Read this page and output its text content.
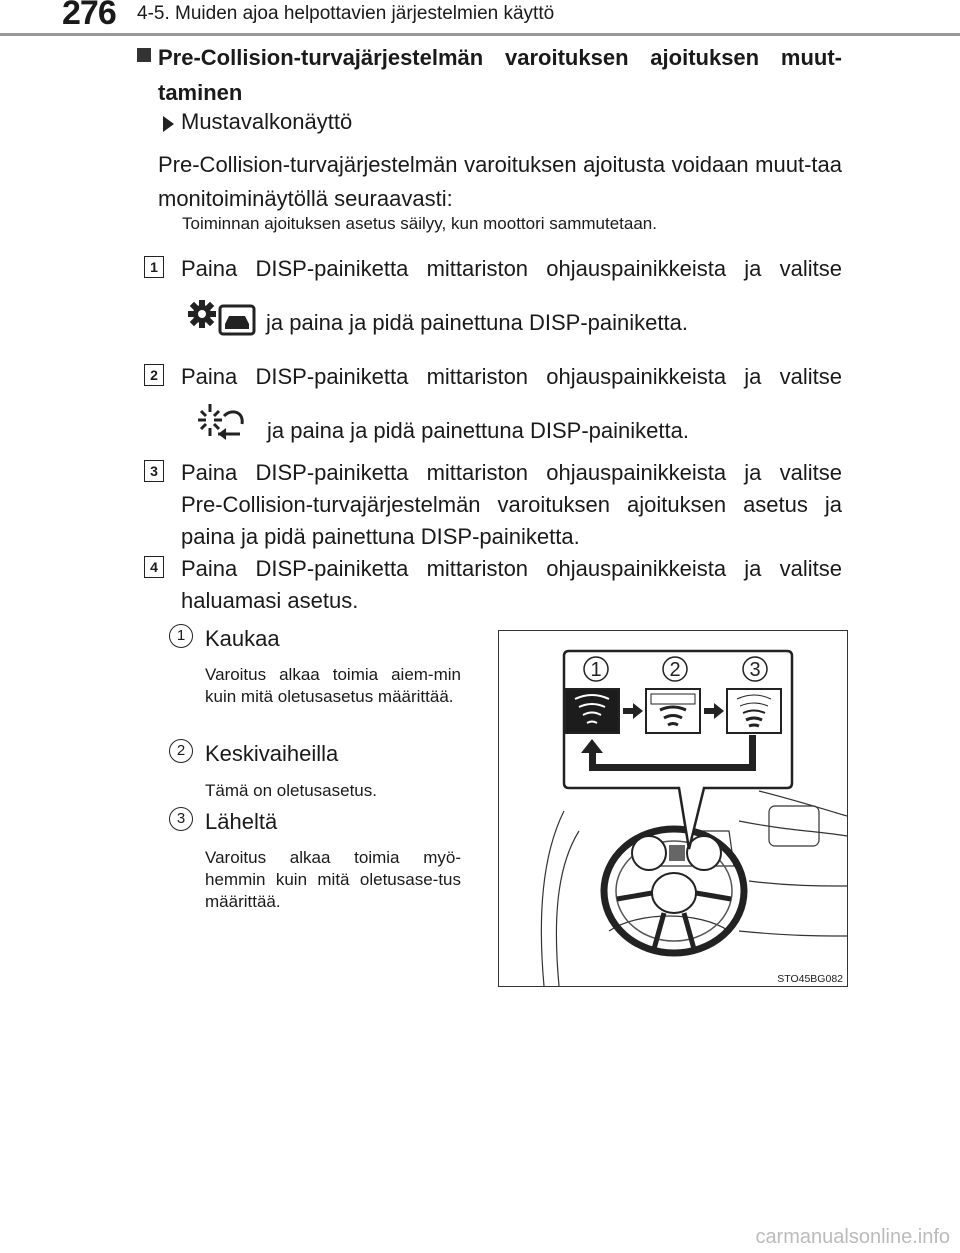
276 4-5. Muiden ajoa helpottavien järjestelmien käyttö
Pre-Collision-turvajärjestelmän varoituksen ajoituksen muut-taminen
Mustavalkonäyttö
Pre-Collision-turvajärjestelmän varoituksen ajoitusta voidaan muut-taa monitoiminäytöllä seuraavasti:
Toiminnan ajoituksen asetus säilyy, kun moottori sammutetaan.
1 Paina DISP-painiketta mittariston ohjauspainikkeista ja valitse
ja paina ja pidä painettuna DISP-painiketta.
2 Paina DISP-painiketta mittariston ohjauspainikkeista ja valitse
ja paina ja pidä painettuna DISP-painiketta.
3 Paina DISP-painiketta mittariston ohjauspainikkeista ja valitse
Pre-Collision-turvajärjestelmän varoituksen ajoituksen asetus ja
paina ja pidä painettuna DISP-painiketta.
4 Paina DISP-painiketta mittariston ohjauspainikkeista ja valitse
haluamasi asetus.
1 Kaukaa
Varoitus alkaa toimia aiem-min kuin mitä oletusasetus määrittää.
2 Keskivaiheilla
Tämä on oletusasetus.
3 Läheltä
Varoitus alkaa toimia myö-hemmin kuin mitä oletusase-tus määrittää.
1	2	3
STO45BG082
carmanualsonline.info
